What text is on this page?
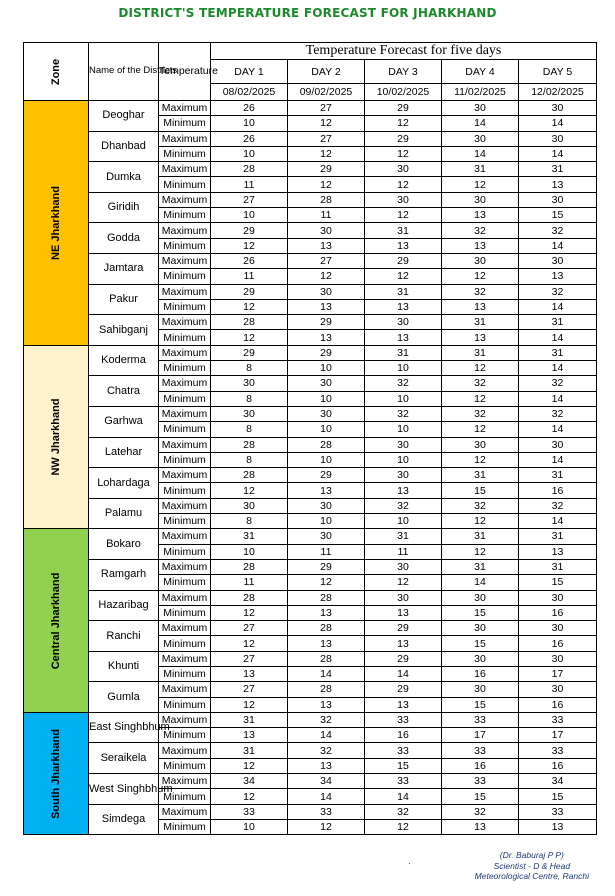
DISTRICT'S TEMPERATURE FORECAST FOR JHARKHAND
Zone	Name of the Districts	Temperature	Temperature Forecast for five days				
			DAY 1	DAY 2	DAY 3	DAY 4	DAY 5
			08/02/2025	09/02/2025	10/02/2025	11/02/2025	12/02/2025

NE Jharkhand	Deoghar	Maximum	26	27	29	30	30
		Minimum	10	12	12	14	14
	Dhanbad	Maximum	26	27	29	30	30
		Minimum	10	12	12	14	14
	Dumka	Maximum	28	29	30	31	31
		Minimum	11	12	12	12	13
	Giridih	Maximum	27	28	30	30	30
		Minimum	10	11	12	13	15
	Godda	Maximum	29	30	31	32	32
		Minimum	12	13	13	13	14
	Jamtara	Maximum	26	27	29	30	30
		Minimum	11	12	12	12	13
	Pakur	Maximum	29	30	31	32	32
		Minimum	12	13	13	13	14
	Sahibganj	Maximum	28	29	30	31	31
		Minimum	12	13	13	13	14

NW Jharkhand	Koderma	Maximum	29	29	31	31	31
		Minimum	8	10	10	12	14
	Chatra	Maximum	30	30	32	32	32
		Minimum	8	10	10	12	14
	Garhwa	Maximum	30	30	32	32	32
		Minimum	8	10	10	12	14
	Latehar	Maximum	28	28	30	30	30
		Minimum	8	10	10	12	14
	Lohardaga	Maximum	28	29	30	31	31
		Minimum	12	13	13	15	16
	Palamu	Maximum	30	30	32	32	32
		Minimum	8	10	10	12	14

Central Jharkhand	Bokaro	Maximum	31	30	31	31	31
		Minimum	10	11	11	12	13
	Ramgarh	Maximum	28	29	30	31	31
		Minimum	11	12	12	14	15
	Hazaribag	Maximum	28	28	30	30	30
		Minimum	12	13	13	15	16
	Ranchi	Maximum	27	28	29	30	30
		Minimum	12	13	13	15	16
	Khunti	Maximum	27	28	29	30	30
		Minimum	13	14	14	16	17
	Gumla	Maximum	27	28	29	30	30
		Minimum	12	13	13	15	16

South Jharkhand	East Singhbhum	Maximum	31	32	33	33	33
		Minimum	13	14	16	17	17
	Seraikela	Maximum	31	32	33	33	33
		Minimum	12	13	15	16	16
	West Singhbhum	Maximum	34	34	33	33	34
		Minimum	12	14	14	15	15
	Simdega	Maximum	33	33	32	32	33
		Minimum	10	12	12	13	13
·
(Dr. Baburaj P P)
Scientist - D & Head
Meteorological Centre, Ranchi
